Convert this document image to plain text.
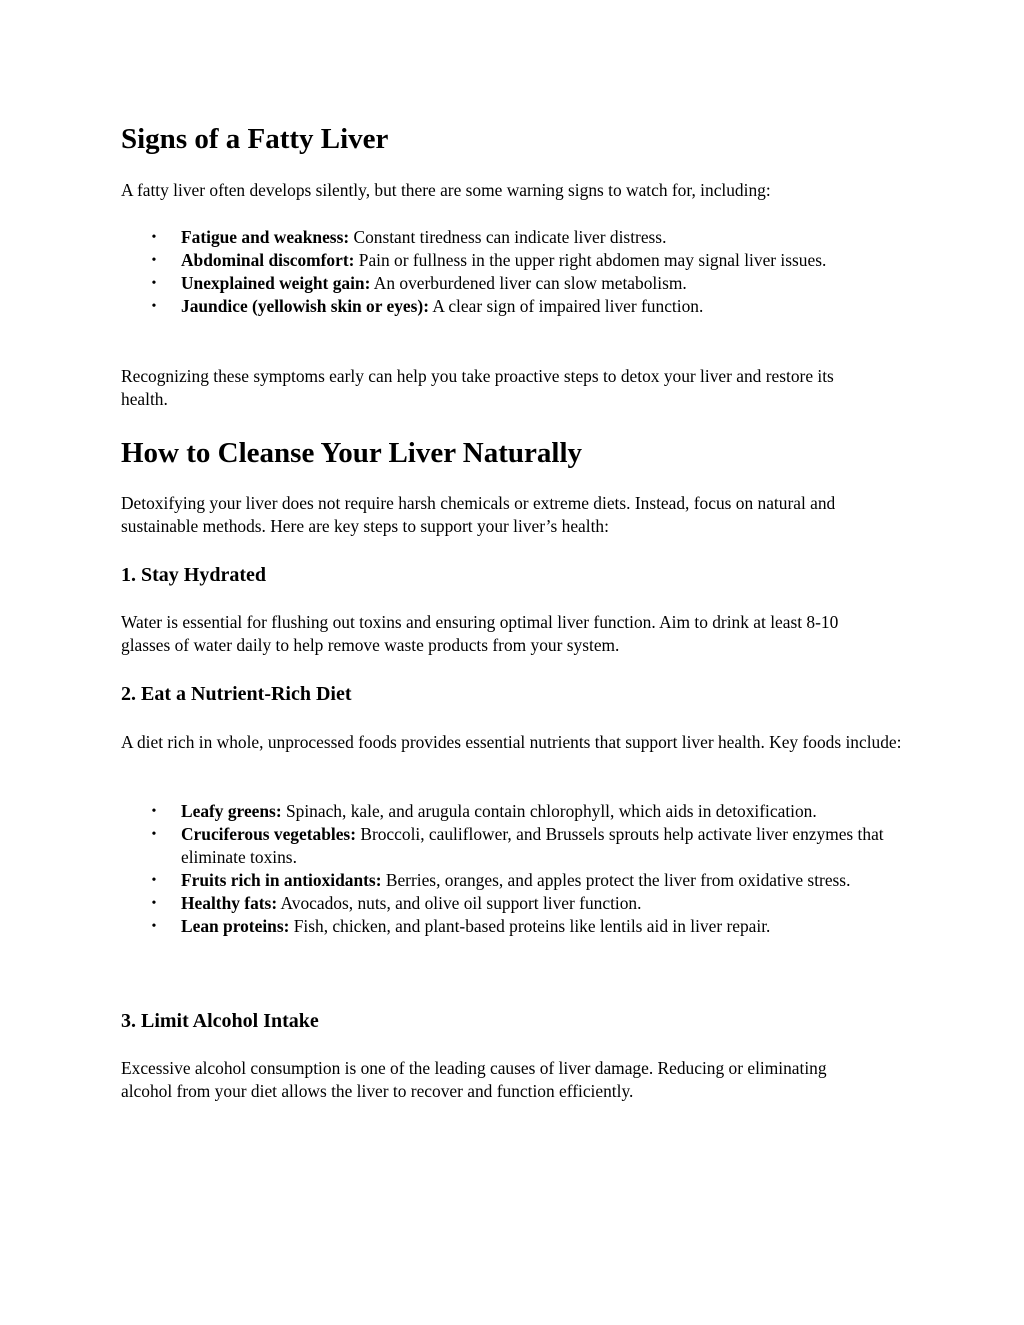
Signs of a Fatty Liver

A fatty liver often develops silently, but there are some warning signs to watch for, including:

•	Fatigue and weakness: Constant tiredness can indicate liver distress.
•	Abdominal discomfort: Pain or fullness in the upper right abdomen may signal liver issues.
•	Unexplained weight gain: An overburdened liver can slow metabolism.
•	Jaundice (yellowish skin or eyes): A clear sign of impaired liver function.

Recognizing these symptoms early can help you take proactive steps to detox your liver and restore its health.

How to Cleanse Your Liver Naturally

Detoxifying your liver does not require harsh chemicals or extreme diets. Instead, focus on natural and sustainable methods. Here are key steps to support your liver’s health:

1. Stay Hydrated

Water is essential for flushing out toxins and ensuring optimal liver function. Aim to drink at least 8-10 glasses of water daily to help remove waste products from your system.

2. Eat a Nutrient-Rich Diet

A diet rich in whole, unprocessed foods provides essential nutrients that support liver health. Key foods include:

•	Leafy greens: Spinach, kale, and arugula contain chlorophyll, which aids in detoxification.
•	Cruciferous vegetables: Broccoli, cauliflower, and Brussels sprouts help activate liver enzymes that eliminate toxins.
•	Fruits rich in antioxidants: Berries, oranges, and apples protect the liver from oxidative stress.
•	Healthy fats: Avocados, nuts, and olive oil support liver function.
•	Lean proteins: Fish, chicken, and plant-based proteins like lentils aid in liver repair.
3. Limit Alcohol Intake

Excessive alcohol consumption is one of the leading causes of liver damage. Reducing or eliminating alcohol from your diet allows the liver to recover and function efficiently.
